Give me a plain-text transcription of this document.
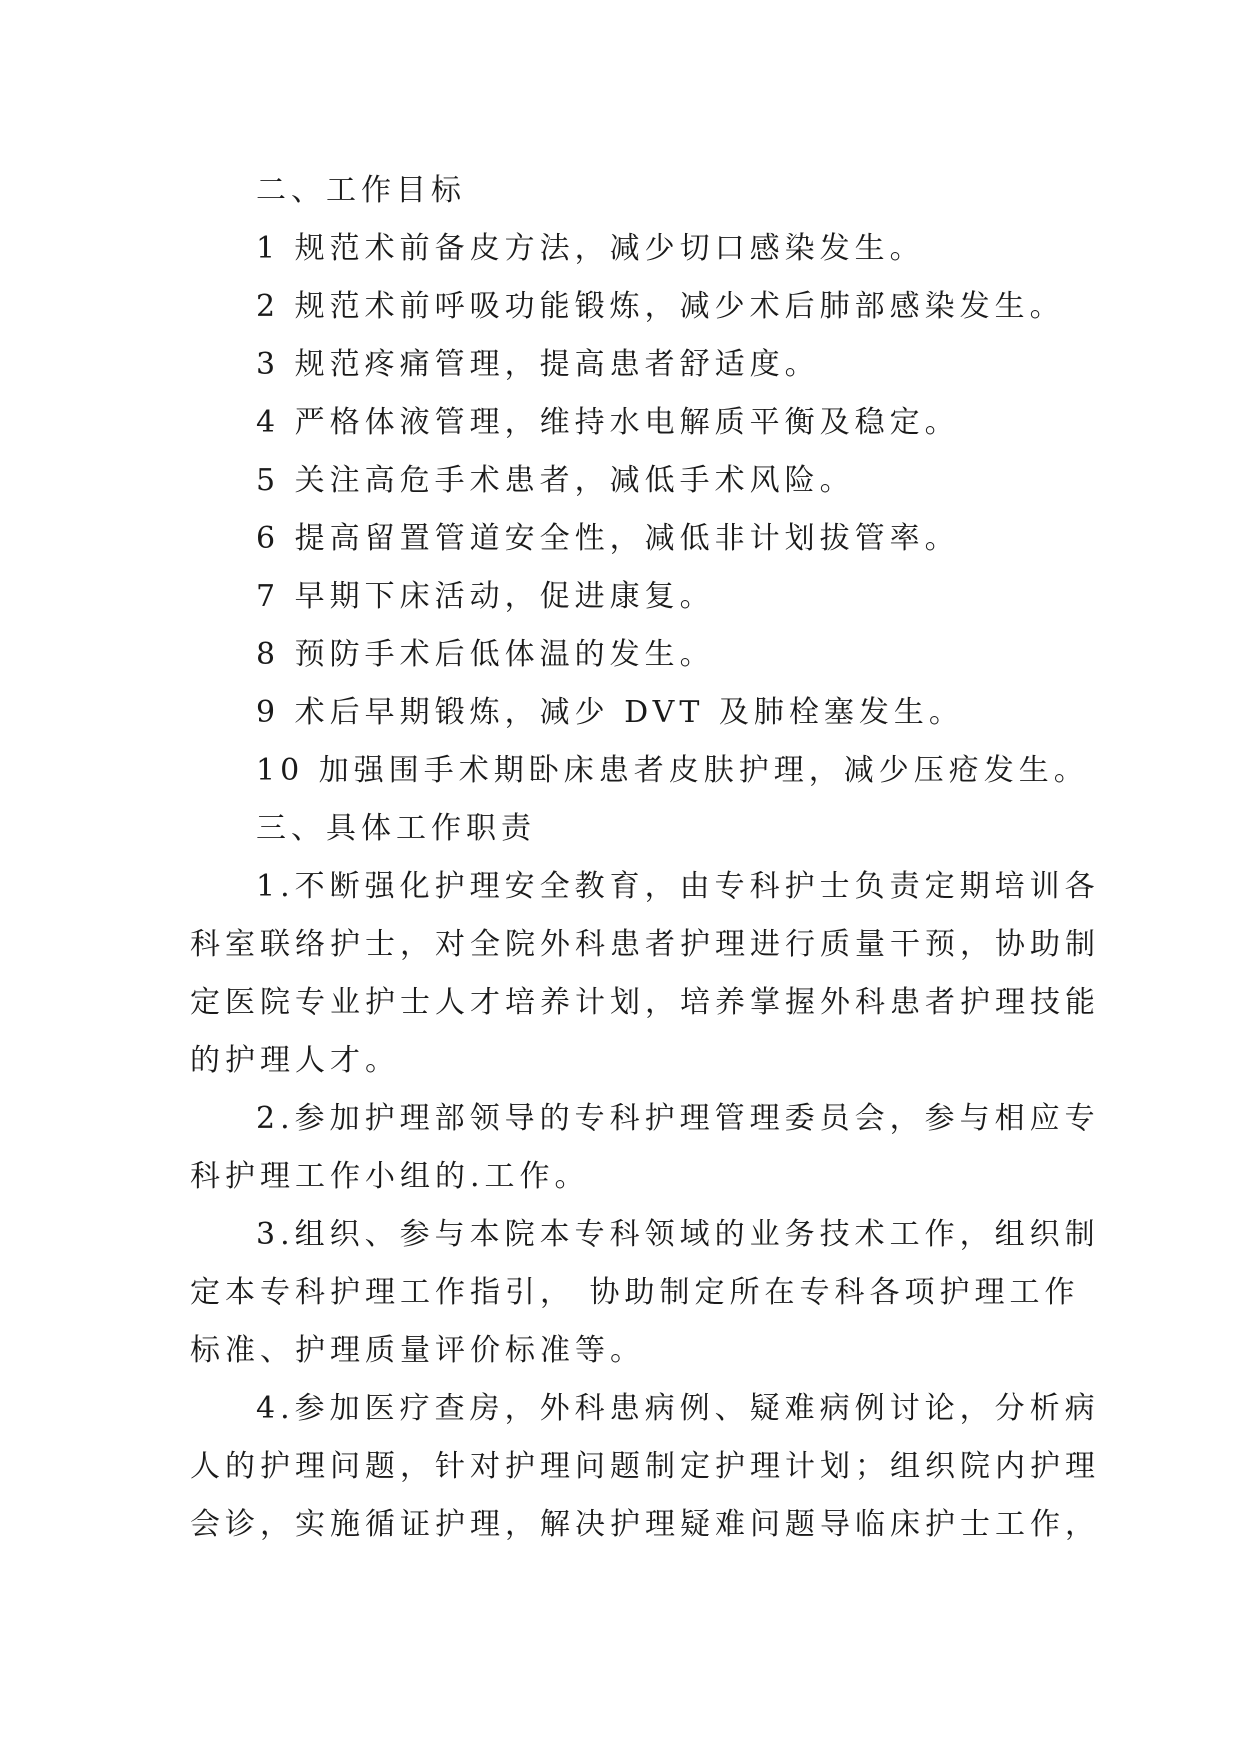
二、工作目标
1 规范术前备皮方法，减少切口感染发生。
2 规范术前呼吸功能锻炼，减少术后肺部感染发生。
3 规范疼痛管理，提高患者舒适度。
4 严格体液管理，维持水电解质平衡及稳定。
5 关注高危手术患者，减低手术风险。
6 提高留置管道安全性，减低非计划拔管率。
7 早期下床活动，促进康复。
8 预防手术后低体温的发生。
9 术后早期锻炼，减少 DVT 及肺栓塞发生。
10 加强围手术期卧床患者皮肤护理，减少压疮发生。
三、具体工作职责
1.不断强化护理安全教育，由专科护士负责定期培训各
科室联络护士，对全院外科患者护理进行质量干预，协助制
定医院专业护士人才培养计划，培养掌握外科患者护理技能
的护理人才。
2.参加护理部领导的专科护理管理委员会，参与相应专
科护理工作小组的.工作。
3.组织、参与本院本专科领域的业务技术工作，组织制
定本专科护理工作指引， 协助制定所在专科各项护理工作
标准、护理质量评价标准等。
4.参加医疗查房，外科患病例、疑难病例讨论，分析病
人的护理问题，针对护理问题制定护理计划；组织院内护理
会诊，实施循证护理，解决护理疑难问题导临床护士工作，
